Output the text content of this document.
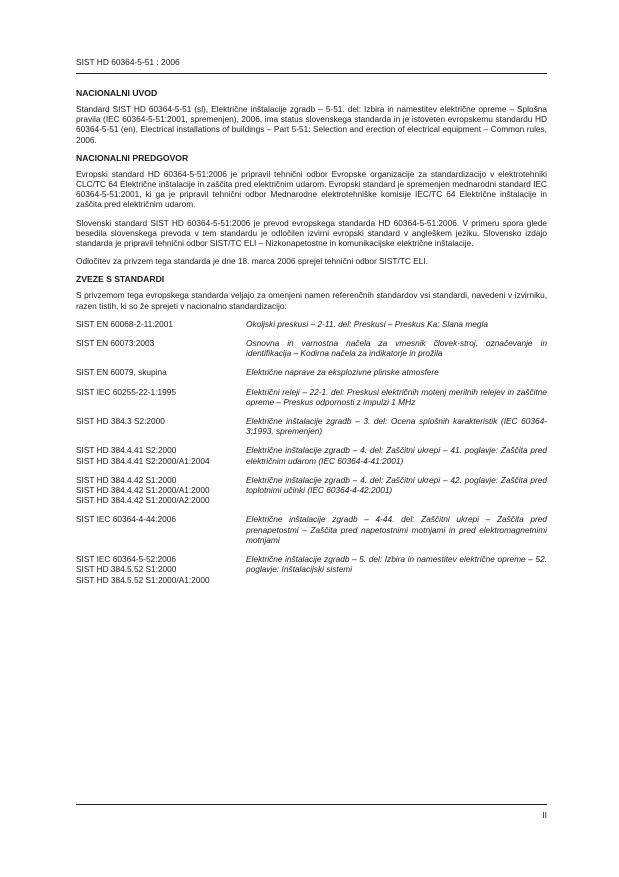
SIST HD 60364-5-51 : 2006
NACIONALNI UVOD

Standard SIST HD 60364-5-51 (sl), Električne inštalacije zgradb – 5-51. del: Izbira in namestitev električne opreme – Splošna pravila (IEC 60364-5-51:2001, spremenjen), 2006, ima status slovenskega standarda in je istoveten evropskemu standardu HD 60364-5-51 (en), Electrical installations of buildings – Part 5-51: Selection and erection of electrical equipment – Common rules, 2006.

NACIONALNI PREDGOVOR

Evropski standard HD 60364-5-51:2006 je pripravil tehnični odbor Evropske organizacije za standardizacijo v elektrotehniki CLC/TC 64 Električne inštalacije in zaščita pred električnim udarom. Evropski standard je spremenjen mednarodni standard IEC 60364-5-51:2001, ki ga je pripravil tehnični odbor Mednarodne elektrotehniške komisije IEC/TC 64 Električne inštalacije in zaščita pred električnim udarom.

Slovenski standard SIST HD 60364-5-51:2006 je prevod evropskega standarda HD 60364-5-51:2006. V primeru spora glede besedila slovenskega prevoda v tem standardu je odločilen izvirni evropski standard v angleškem jeziku. Slovensko izdajo standarda je pripravil tehnični odbor SIST/TC ELI – Nizkonapetostne in komunikacijske električne inštalacije.

Odločitev za privzem tega standarda je dne 18. marca 2006 sprejel tehnični odbor SIST/TC ELI.

ZVEZE S STANDARDI

S privzemom tega evropskega standarda veljajo za omenjeni namen referenčnih standardov vsi standardi, navedeni v izvirniku, razen tistih, ki so že sprejeti v nacionalno standardizacijo:

SIST EN 60068-2-11:2001	Okoljski preskusi – 2-11. del: Preskusi – Preskus Ka: Slana megla

SIST EN 60073:2003	Osnovna in varnostna načela za vmesnik človek-stroj, označevanje in identifikacija – Kodirna načela za indikatorje in prožila

SIST EN 60079, skupina	Električne naprave za eksplozivne plinske atmosfere

SIST IEC 60255-22-1:1995	Električni releji – 22-1. del: Preskusi električnih motenj merilnih relejev in zaščitne opreme – Preskus odpornosti z impulzi 1 MHz

SIST HD 384.3 S2:2000	Električne inštalacije zgradb – 3. del: Ocena splošnih karakteristik (IEC 60364-3:1993, spremenjen)

SIST HD 384.4.41 S2:2000
SIST HD 384.4.41 S2:2000/A1:2004	Električne inštalacije zgradb – 4. del: Zaščitni ukrepi – 41. poglavje: Zaščita pred električnim udarom (IEC 60364-4-41:2001)

SIST HD 384.4.42 S1:2000
SIST HD 384.4.42 S1:2000/A1:2000
SIST HD 384.4.42 S1:2000/A2:2000	Električne inštalacije zgradb – 4. del: Zaščitni ukrepi – 42. poglavje: Zaščita pred toplotnimi učinki (IEC 60364-4-42:2001)

SIST IEC 60364-4-44:2006	Električne inštalacije zgradb – 4-44. del: Zaščitni ukrepi – Zaščita pred prenapetostmi – Zaščita pred napetostnimi motnjami in pred elektromagnetnimi motnjami

SIST IEC 60364-5-52:2006
SIST HD 384.5.52 S1:2000
SIST HD 384.5.52 S1:2000/A1:2000	Električne inštalacije zgradb – 5. del: Izbira in namestitev električne opreme – 52. poglavje: Inštalacijski sistemi
II
